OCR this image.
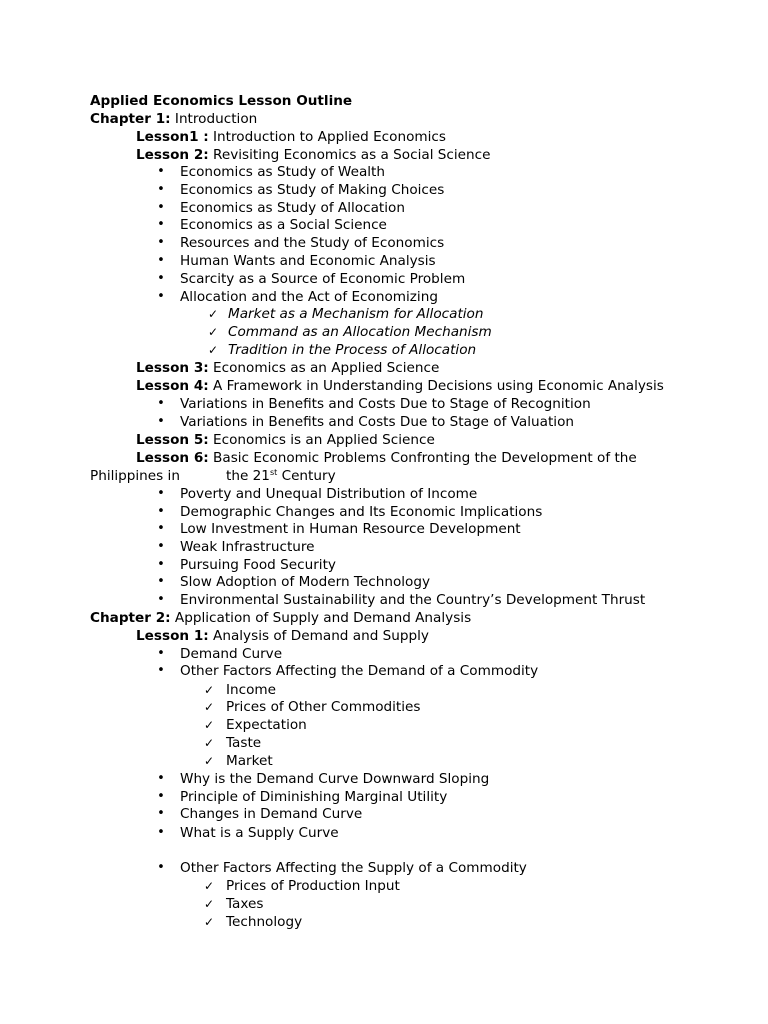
Applied Economics Lesson Outline
Chapter 1: Introduction
Lesson1 : Introduction to Applied Economics
Lesson 2: Revisiting Economics as a Social Science
• Economics as Study of Wealth
• Economics as Study of Making Choices
• Economics as Study of Allocation
• Economics as a Social Science
• Resources and the Study of Economics
• Human Wants and Economic Analysis
• Scarcity as a Source of Economic Problem
• Allocation and the Act of Economizing
✓ Market as a Mechanism for Allocation
✓ Command as an Allocation Mechanism
✓ Tradition in the Process of Allocation
Lesson 3: Economics as an Applied Science
Lesson 4: A Framework in Understanding Decisions using Economic Analysis
• Variations in Benefits and Costs Due to Stage of Recognition
• Variations in Benefits and Costs Due to Stage of Valuation
Lesson 5: Economics is an Applied Science
Lesson 6: Basic Economic Problems Confronting the Development of the
Philippines in	the 21st Century
• Poverty and Unequal Distribution of Income
• Demographic Changes and Its Economic Implications
• Low Investment in Human Resource Development
• Weak Infrastructure
• Pursuing Food Security
• Slow Adoption of Modern Technology
• Environmental Sustainability and the Country’s Development Thrust
Chapter 2: Application of Supply and Demand Analysis
Lesson 1: Analysis of Demand and Supply
• Demand Curve
• Other Factors Affecting the Demand of a Commodity
✓ Income
✓ Prices of Other Commodities
✓ Expectation
✓ Taste
✓ Market
• Why is the Demand Curve Downward Sloping
• Principle of Diminishing Marginal Utility
• Changes in Demand Curve
• What is a Supply Curve
• Other Factors Affecting the Supply of a Commodity
✓ Prices of Production Input
✓ Taxes
✓ Technology
